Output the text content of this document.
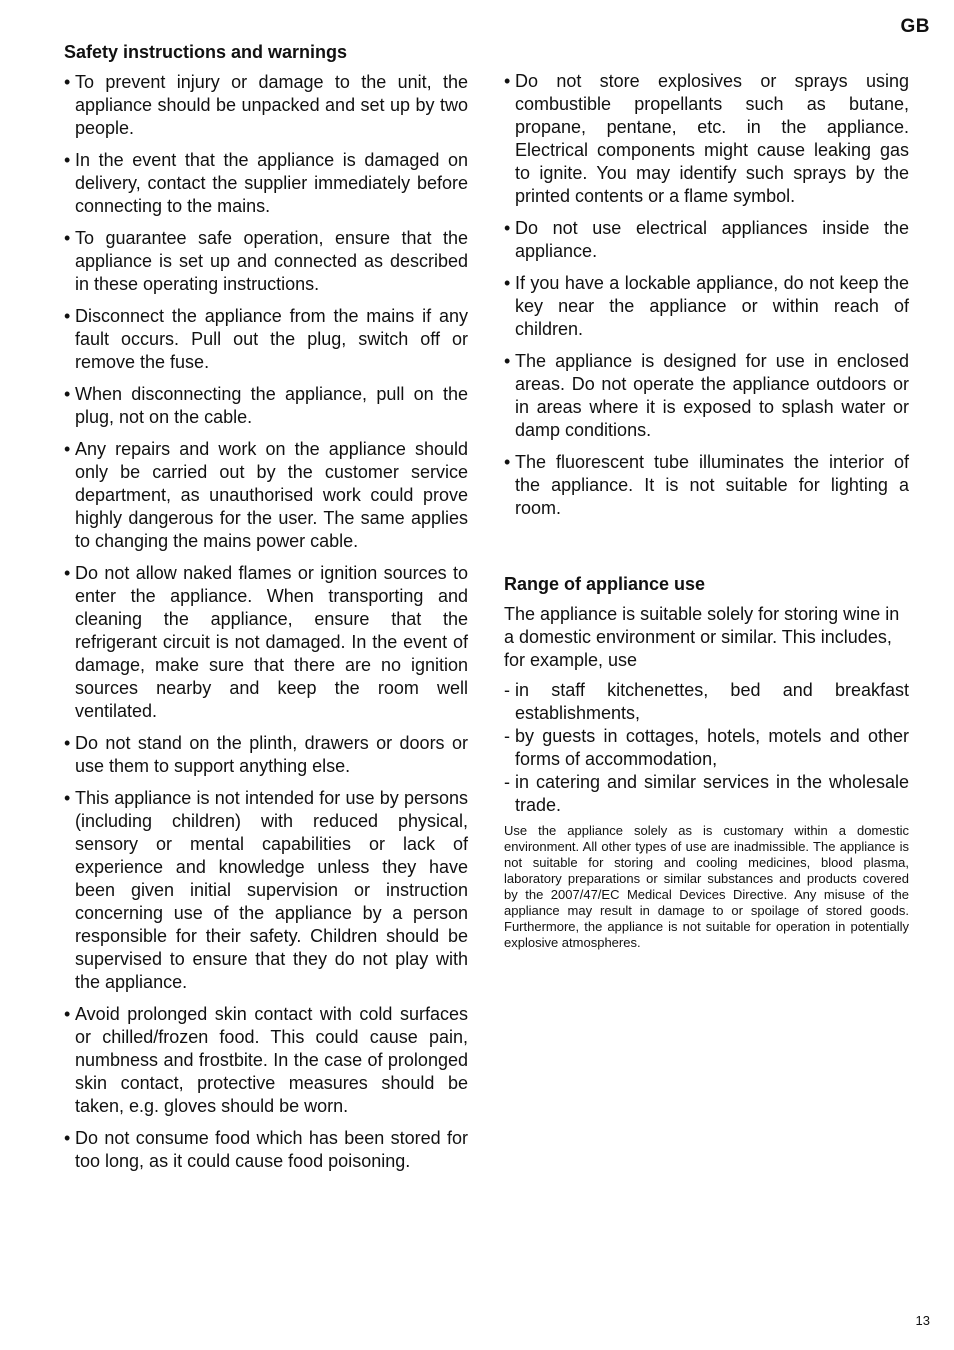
GB
Safety instructions and warnings
• To prevent injury or damage to the unit, the appliance should be unpacked and set up by two people.
• In the event that the appliance is damaged on delivery, contact the supplier immediately before connecting to the mains.
• To guarantee safe operation, ensure that the appliance is set up and connected as described in these operating instructions.
• Disconnect the appliance from the mains if any fault occurs. Pull out the plug, switch off or remove the fuse.
• When disconnecting the appliance, pull on the plug, not on the cable.
• Any repairs and work on the appliance should only be carried out by the customer service department, as unauthorised work could prove highly dangerous for the user. The same applies to changing the mains power cable.
• Do not allow naked flames or ignition sources to enter the appliance. When transporting and cleaning the appliance, ensure that the refrigerant circuit is not damaged. In the event of damage, make sure that there are no ignition sources nearby and keep the room well ventilated.
• Do not stand on the plinth, drawers or doors or use them to support anything else.
• This appliance is not intended for use by persons (including children) with reduced physical, sensory or mental capabilities or lack of experience and knowledge unless they have been given initial supervision or instruction concerning use of the appliance by a person responsible for their safety. Children should be supervised to ensure that they do not play with the appliance.
• Avoid prolonged skin contact with cold surfaces or chilled/frozen food. This could cause pain, numbness and frostbite. In the case of prolonged skin contact, protective measures should be taken, e.g. gloves should be worn.
• Do not consume food which has been stored for too long, as it could cause food poisoning.
• Do not store explosives or sprays using combustible propellants such as butane, propane, pentane, etc. in the appliance. Electrical components might cause leaking gas to ignite. You may identify such sprays by the printed contents or a flame symbol.
• Do not use electrical appliances inside the appliance.
• If you have a lockable appliance, do not keep the key near the appliance or within reach of children.
• The appliance is designed for use in enclosed areas. Do not operate the appliance outdoors or in areas where it is exposed to splash water or damp conditions.
• The fluorescent tube illuminates the interior of the appliance. It is not suitable for lighting a room.
Range of appliance use

The appliance is suitable solely for storing wine in a domestic environment or similar. This includes, for example, use

- in staff kitchenettes, bed and breakfast establishments,
- by guests in cottages, hotels, motels and other forms of accommodation,
- in catering and similar services in the wholesale trade.

Use the appliance solely as is customary within a domestic environment. All other types of use are inadmissible. The appliance is not suitable for storing and cooling medicines, blood plasma, laboratory preparations or similar substances and products covered by the 2007/47/EC Medical Devices Directive. Any misuse of the appliance may result in damage to or spoilage of stored goods. Furthermore, the appliance is not suitable for operation in potentially explosive atmospheres.

13
